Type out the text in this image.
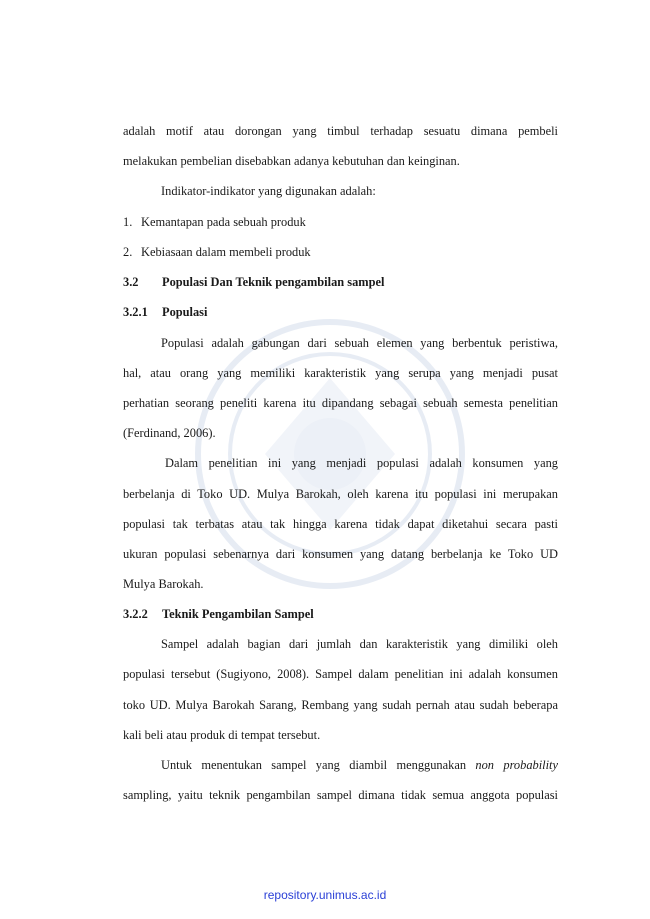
adalah motif atau dorongan yang timbul terhadap sesuatu dimana pembeli
melakukan pembelian disebabkan adanya kebutuhan dan keinginan.
Indikator-indikator yang digunakan adalah:
1. Kemantapan pada sebuah produk
2. Kebiasaan dalam membeli produk
3.2 Populasi Dan Teknik pengambilan sampel
3.2.1 Populasi
Populasi adalah gabungan dari sebuah elemen yang berbentuk peristiwa,
hal, atau orang yang memiliki karakteristik yang serupa yang menjadi pusat
perhatian seorang peneliti karena itu dipandang sebagai sebuah semesta penelitian
(Ferdinand, 2006).
Dalam penelitian ini yang menjadi populasi adalah konsumen yang
berbelanja di Toko UD. Mulya Barokah, oleh karena itu populasi ini merupakan
populasi tak terbatas atau tak hingga karena tidak dapat diketahui secara pasti
ukuran populasi sebenarnya dari konsumen yang datang berbelanja ke Toko UD
Mulya Barokah.
3.2.2 Teknik Pengambilan Sampel
Sampel adalah bagian dari jumlah dan karakteristik yang dimiliki oleh
populasi tersebut (Sugiyono, 2008). Sampel dalam penelitian ini adalah konsumen
toko UD. Mulya Barokah Sarang, Rembang yang sudah pernah atau sudah beberapa
kali beli atau produk di tempat tersebut.
Untuk menentukan sampel yang diambil menggunakan non probability
sampling, yaitu teknik pengambilan sampel dimana tidak semua anggota populasi
repository.unimus.ac.id
